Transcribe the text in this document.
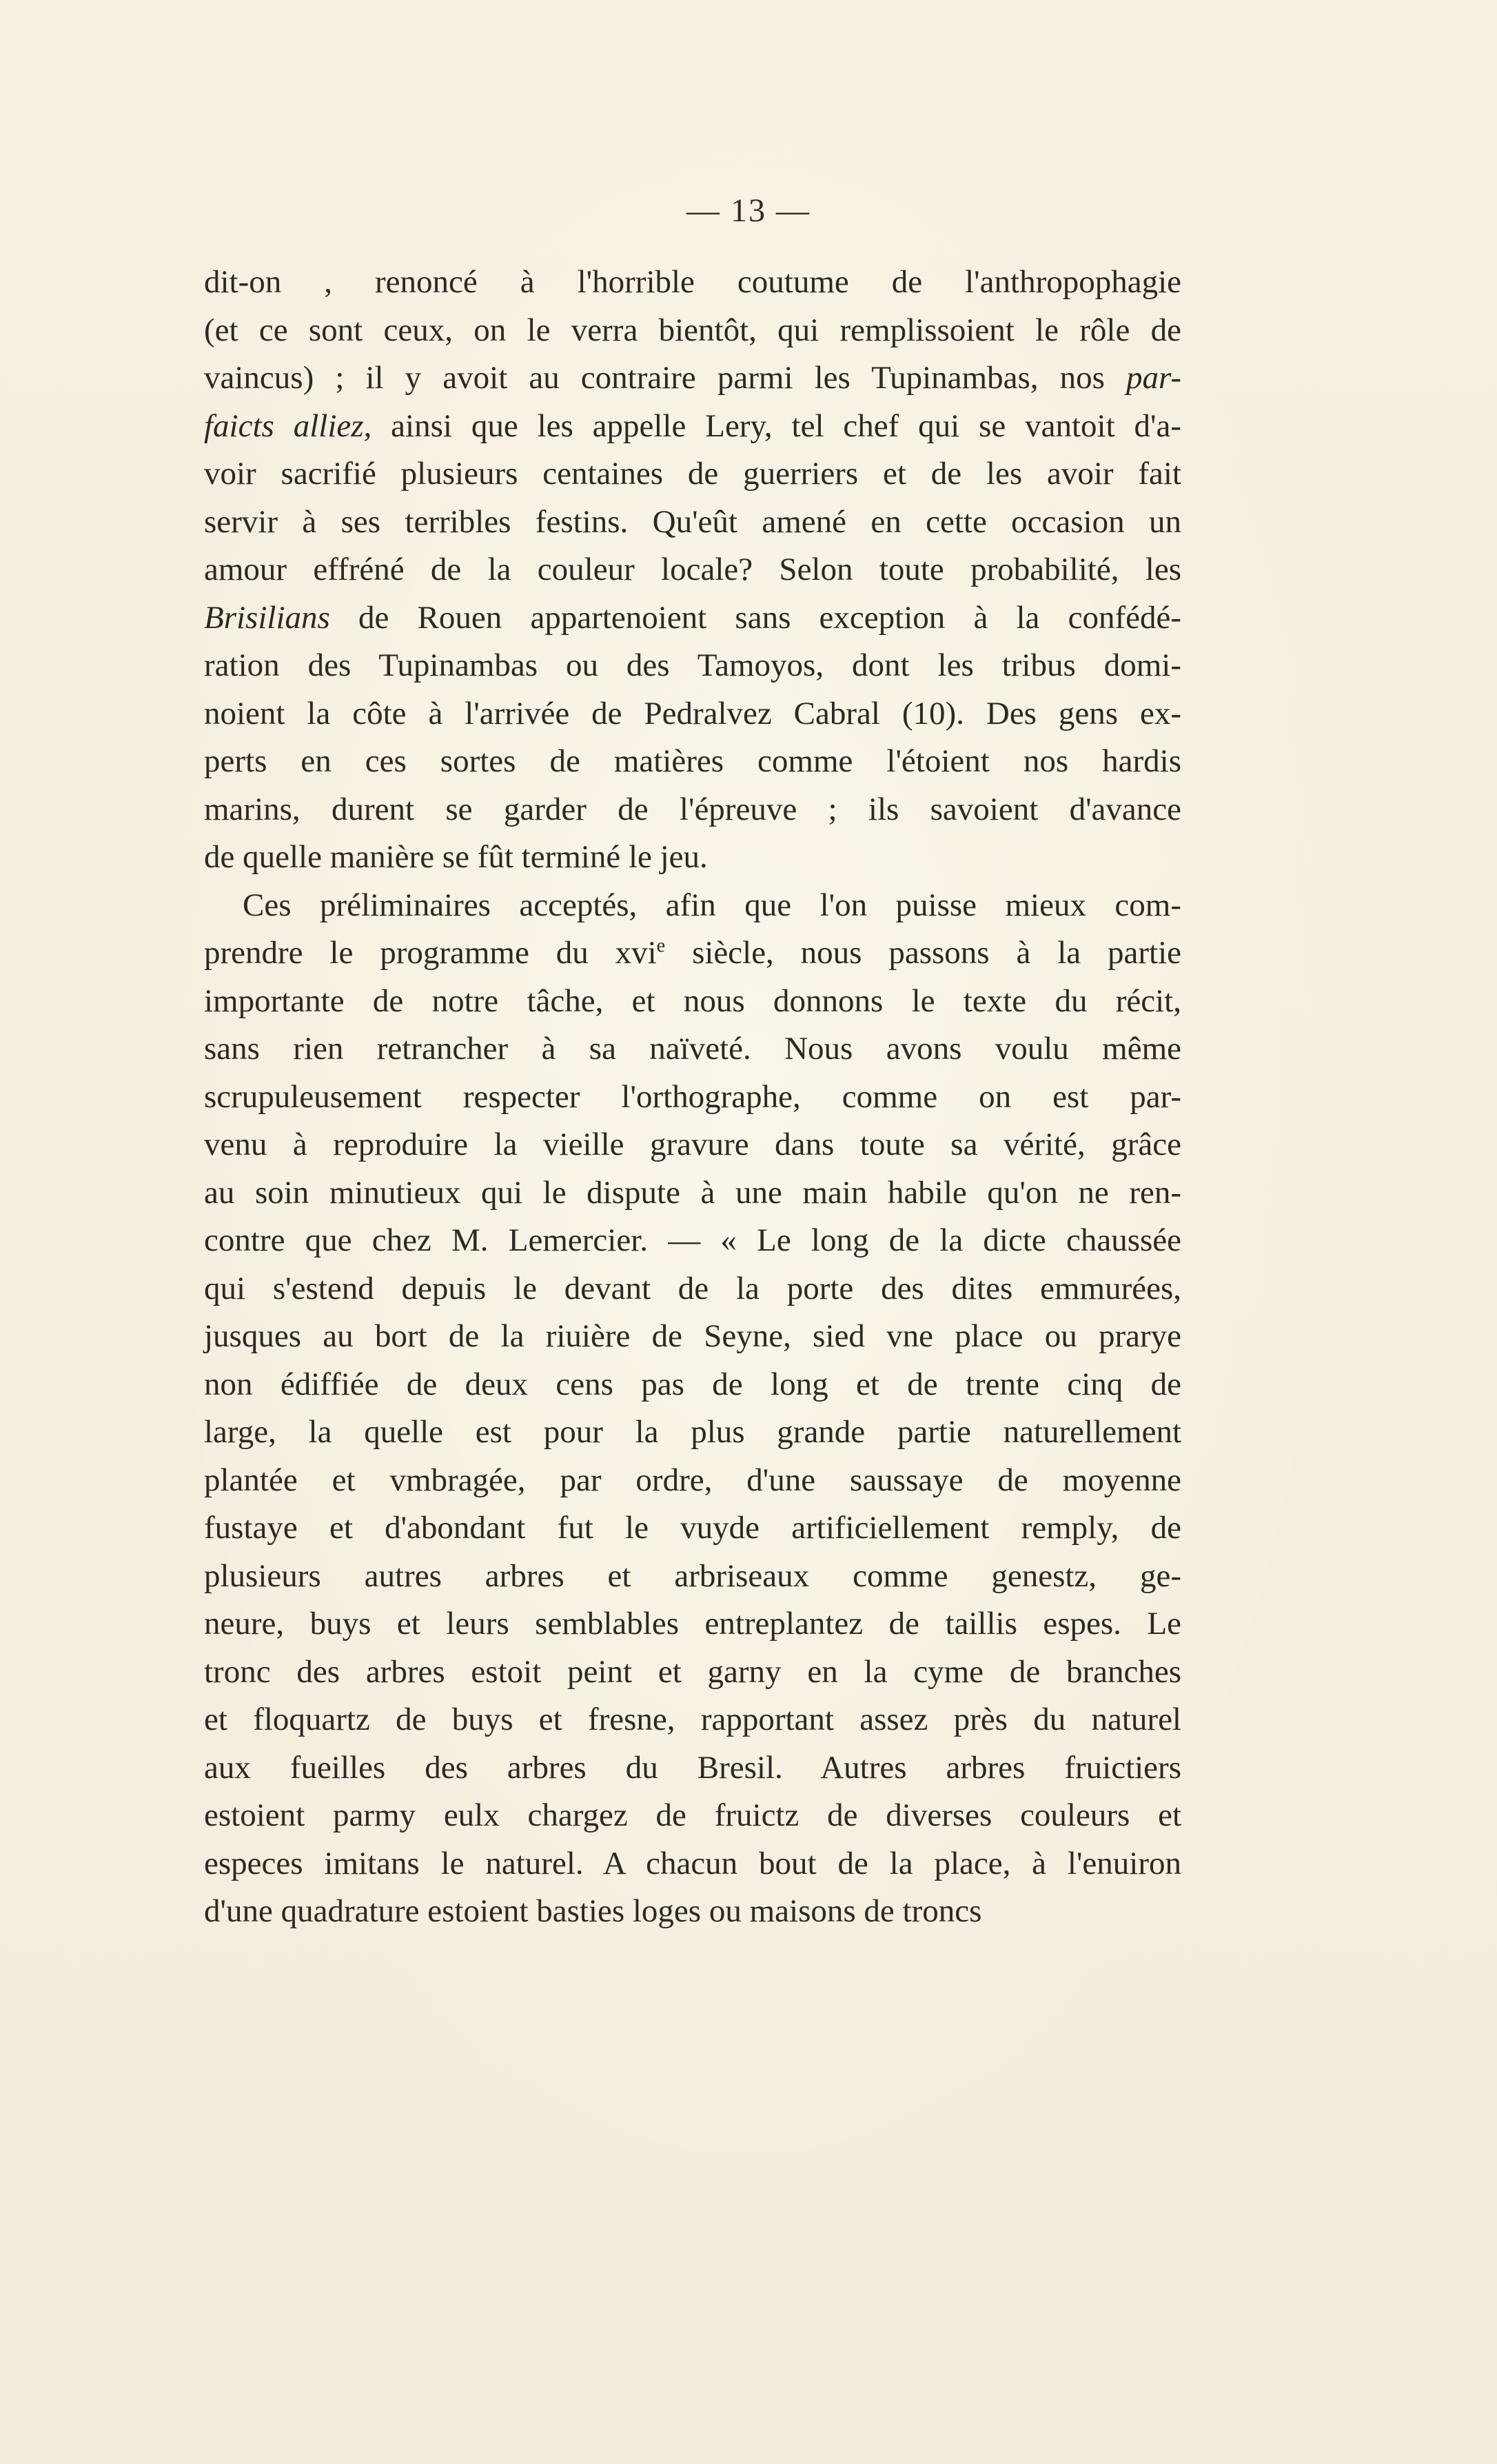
— 13 —
dit-on , renoncé à l'horrible coutume de l'anthropophagie
(et ce sont ceux, on le verra bientôt, qui remplissoient le rôle de
vaincus) ; il y avoit au contraire parmi les Tupinambas, nos par-
faicts alliez, ainsi que les appelle Lery, tel chef qui se vantoit d'a-
voir sacrifié plusieurs centaines de guerriers et de les avoir fait
servir à ses terribles festins. Qu'eût amené en cette occasion un
amour effréné de la couleur locale? Selon toute probabilité, les
Brisilians de Rouen appartenoient sans exception à la confédé-
ration des Tupinambas ou des Tamoyos, dont les tribus domi-
noient la côte à l'arrivée de Pedralvez Cabral (10). Des gens ex-
perts en ces sortes de matières comme l'étoient nos hardis
marins, durent se garder de l'épreuve ; ils savoient d'avance
de quelle manière se fût terminé le jeu.
Ces préliminaires acceptés, afin que l'on puisse mieux com-
prendre le programme du xvi$^e$ siècle, nous passons à la partie
importante de notre tâche, et nous donnons le texte du récit,
sans rien retrancher à sa naïveté. Nous avons voulu même
scrupuleusement respecter l'orthographe, comme on est par-
venu à reproduire la vieille gravure dans toute sa vérité, grâce
au soin minutieux qui le dispute à une main habile qu'on ne ren-
contre que chez M. Lemercier. — « Le long de la dicte chaussée
qui s'estend depuis le devant de la porte des dites emmurées,
jusques au bort de la riuière de Seyne, sied vne place ou prarye
non édiffiée de deux cens pas de long et de trente cinq de
large, la quelle est pour la plus grande partie naturellement
plantée et vmbragée, par ordre, d'une saussaye de moyenne
fustaye et d'abondant fut le vuyde artificiellement remply, de
plusieurs autres arbres et arbriseaux comme genestz, ge-
neure, buys et leurs semblables entreplantez de taillis espes. Le
tronc des arbres estoit peint et garny en la cyme de branches
et floquartz de buys et fresne, rapportant assez près du naturel
aux fueilles des arbres du Bresil. Autres arbres fruictiers
estoient parmy eulx chargez de fruictz de diverses couleurs et
especes imitans le naturel. A chacun bout de la place, à l'enuiron
d'une quadrature estoient basties loges ou maisons de troncs
